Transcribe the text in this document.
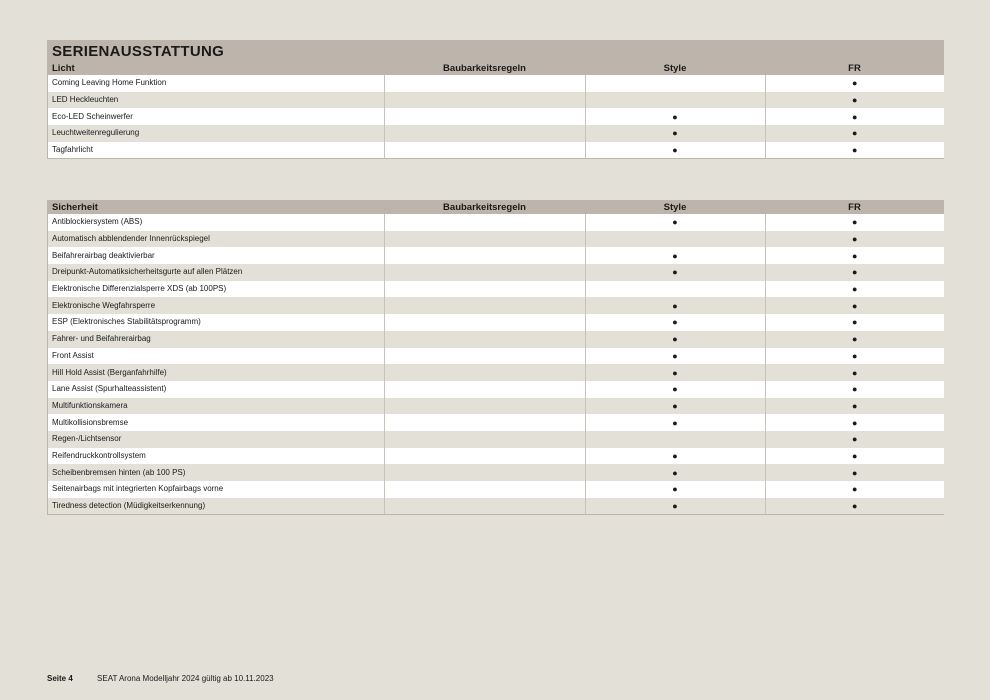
SERIENAUSSTATTUNG
Licht	Baubarkeitsregeln	Style	FR
Coming Leaving Home Funktion			●
LED Heckleuchten			●
Eco-LED Scheinwerfer		●	●
Leuchtweitenregulierung		●	●
Tagfahrlicht		●	●
Sicherheit	Baubarkeitsregeln	Style	FR
Antiblockiersystem (ABS)		●	●
Automatisch abblendender Innenrückspiegel			●
Beifahrerairbag deaktivierbar		●	●
Dreipunkt-Automatiksicherheitsgurte auf allen Plätzen		●	●
Elektronische Differenzialsperre XDS (ab 100PS)			●
Elektronische Wegfahrsperre		●	●
ESP (Elektronisches Stabilitätsprogramm)		●	●
Fahrer- und Beifahrerairbag		●	●
Front Assist		●	●
Hill Hold Assist (Berganfahrhilfe)		●	●
Lane Assist (Spurhalteassistent)		●	●
Multifunktionskamera		●	●
Multikollisionsbremse		●	●
Regen-/Lichtsensor			●
Reifendruckkontrollsystem		●	●
Scheibenbremsen hinten (ab 100 PS)		●	●
Seitenairbags mit integrierten Kopfairbags vorne		●	●
Tiredness detection (Müdigkeitserkennung)		●	●
Seite 4	SEAT Arona Modelljahr 2024 gültig ab 10.11.2023
